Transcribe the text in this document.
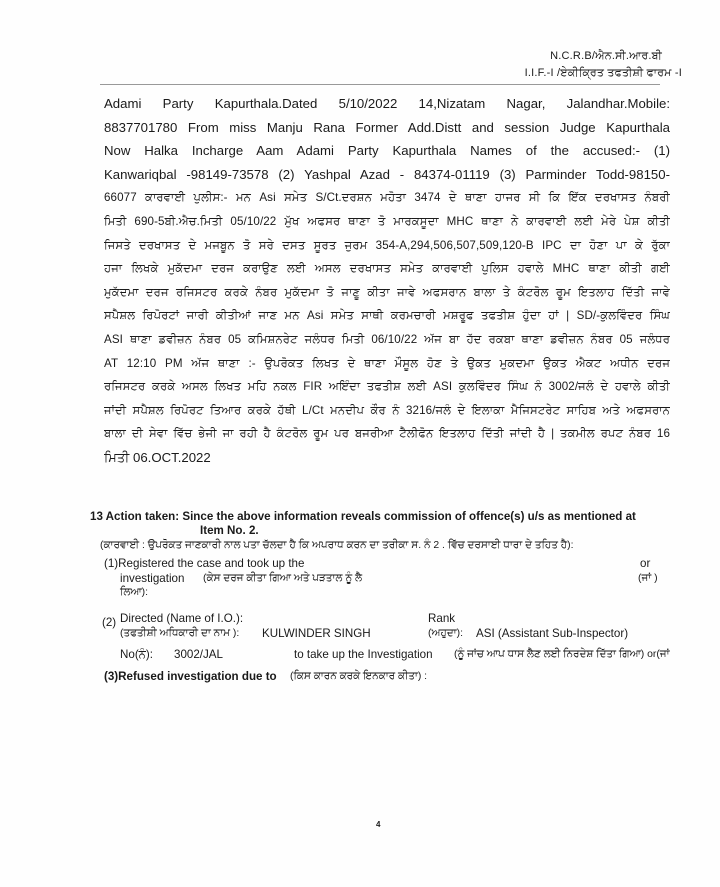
N.C.R.B/ਐਨ.ਸੀ.ਆਰ.ਬੀ
I.I.F.-I /ਏਕੀਕ੍ਰਿਤ ਤਫਤੀਸ਼ੀ ਫਾਰਮ -I
Adami Party Kapurthala.Dated 5/10/2022 14,Nizatam Nagar, Jalandhar.Mobile:
8837701780 From miss Manju Rana Former Add.Distt and session Judge Kapurthala
Now Halka Incharge Aam Adami Party Kapurthala Names of the accused:- (1)
Kanwariqbal -98149-73578 (2) Yashpal Azad - 84374-01119 (3) Parminder Todd-98150-
66077 ਕਾਰਵਾਈ ਪੁਲੀਸ:- ਮਨ Asi ਸਮੇਤ S/Ct.ਦਰਸ਼ਨ ਮਹੋਤਾ 3474 ਦੇ ਥਾਣਾ ਹਾਜਰ ਸੀ ਕਿ ਇੱਕ ਦਰਖਾਸਤ ਨੰਬਰੀ
ਮਿਤੀ 690-5ਬੀ.ਐਚ.ਮਿਤੀ 05/10/22 ਮੁੱਖ ਅਫਸਰ ਥਾਣਾ ਤੋ ਮਾਰਕਸੂਦਾ MHC ਥਾਣਾ ਨੇ ਕਾਰਵਾਈ ਲਈ ਮੇਰੇ ਪੇਸ਼ ਕੀਤੀ
ਜਿਸਤੇ ਦਰਖਾਸਤ ਦੇ ਮਜਬੂਨ ਤੋ ਸਰੇ ਦਸਤ ਸੂਰਤ ਜੁਰਮ 354-A,294,506,507,509,120-B IPC ਦਾ ਹੋਣਾ ਪਾ ਕੇ ਰੁੱਕਾ
ਹਜਾ ਲਿਖਕੇ ਮੁਕੱਦਮਾ ਦਰਜ ਕਰਾਉਣ ਲਈ ਅਸਲ ਦਰਖਾਸਤ ਸਮੇਤ ਕਾਰਵਾਈ ਪੁਲਿਸ ਹਵਾਲੇ MHC ਥਾਣਾ ਕੀਤੀ ਗਈ
ਮੁਕੱਦਮਾ ਦਰਜ ਰਜਿਸਟਰ ਕਰਕੇ ਨੰਬਰ ਮੁਕੱਦਮਾ ਤੋ ਜਾਣੂ ਕੀਤਾ ਜਾਵੇ ਅਫਸਰਾਨ ਬਾਲਾ ਤੇ ਕੰਟਰੋਲ ਰੂਮ ਇਤਲਾਹ ਦਿੱਤੀ ਜਾਵੇ
ਸਪੈਸ਼ਲ ਰਿਪੋਰਟਾਂ ਜਾਰੀ ਕੀਤੀਆਂ ਜਾਣ ਮਨ Asi ਸਮੇਤ ਸਾਥੀ ਕਰਮਚਾਰੀ ਮਸ਼ਰੂਫ ਤਫਤੀਸ਼ ਹੁੰਦਾ ਹਾਂ | SD/-ਕੁਲਵਿੰਦਰ ਸਿੰਘ
ASI ਥਾਣਾ ਡਵੀਜ਼ਨ ਨੰਬਰ 05 ਕਮਿਸ਼ਨਰੇਟ ਜਲੰਧਰ ਮਿਤੀ 06/10/22 ਅੱਜ ਬਾ ਹੱਦ ਰਕਬਾ ਥਾਣਾ ਡਵੀਜ਼ਨ ਨੰਬਰ 05 ਜਲੰਧਰ
AT 12:10 PM ਅੱਜ ਥਾਣਾ :- ਉਪਰੋਕਤ ਲਿਖਤ ਦੇ ਥਾਣਾ ਮੌਸੂਲ ਹੋਣ ਤੇ ਉਕਤ ਮੁਕਦਮਾ ਉਕਤ ਐਕਟ ਅਧੀਨ ਦਰਜ
ਰਜਿਸਟਰ ਕਰਕੇ ਅਸਲ ਲਿਖਤ ਮਹਿ ਨਕਲ FIR ਅਇੰਦਾ ਤਫਤੀਸ਼ ਲਈ ASI ਕੁਲਵਿੰਦਰ ਸਿੰਘ ਨੰ 3002/ਜਲੰ ਦੇ ਹਵਾਲੇ ਕੀਤੀ
ਜਾਂਦੀ ਸਪੈਸ਼ਲ ਰਿਪੋਰਟ ਤਿਆਰ ਕਰਕੇ ਹੱਥੀ L/Ct ਮਨਦੀਪ ਕੌਰ ਨੰ 3216/ਜਲੰ ਦੇ ਇਲਾਕਾ ਮੈਜਿਸਟਰੇਟ ਸਾਹਿਬ ਅਤੇ ਅਫਸਰਾਨ
ਬਾਲਾ ਦੀ ਸੇਵਾ ਵਿੱਚ ਭੇਜੀ ਜਾ ਰਹੀ ਹੈ ਕੰਟਰੋਲ ਰੂਮ ਪਰ ਬਜਰੀਆ ਟੈਲੀਫੋਨ ਇਤਲਾਹ ਦਿੱਤੀ ਜਾਂਦੀ ਹੈ | ਤਕਮੀਲ ਰਪਟ ਨੰਬਰ 16
ਮਿਤੀ 06.OCT.2022
13 Action taken: Since the above information reveals commission of offence(s) u/s as mentioned at
Item No. 2.
(ਕਾਰਵਾਈ : ਉਪਰੋਕਤ ਜਾਣਕਾਰੀ ਨਾਲ ਪਤਾ ਚੱਲਦਾ ਹੈ ਕਿ ਅਪਰਾਧ ਕਰਨ ਦਾ ਤਰੀਕਾ ਸ. ਨੰ 2 . ਵਿੱਚ ਦਰਸਾਈ ਧਾਰਾ ਦੇ ਤਹਿਤ ਹੈ):
(1)Registered the case and took up the	or
investigation (ਕੇਸ ਦਰਜ ਕੀਤਾ ਗਿਆ ਅਤੇ ਪੜਤਾਲ ਨੂੰ ਲੈ	(ਜਾਂ )
ਲਿਆ):
(2) Directed (Name of I.O.):	Rank
(ਤਫਤੀਸ਼ੀ ਅਧਿਕਾਰੀ ਦਾ ਨਾਮ ): KULWINDER SINGH	(ਅਹੁਦਾ): ASI (Assistant Sub-Inspector)
No(ਨੰ): 3002/JAL	to take up the Investigation (ਨੂੰ ਜਾਂਚ ਆਪ ਧਾਸ ਲੈਣ ਲਈ ਨਿਰਦੇਸ਼ ਦਿੱਤਾ ਗਿਆ) or(ਜਾਂ
(3)Refused investigation due to (ਕਿਸ ਕਾਰਨ ਕਰਕੇ ਇਨਕਾਰ ਕੀਤਾ) :
4
